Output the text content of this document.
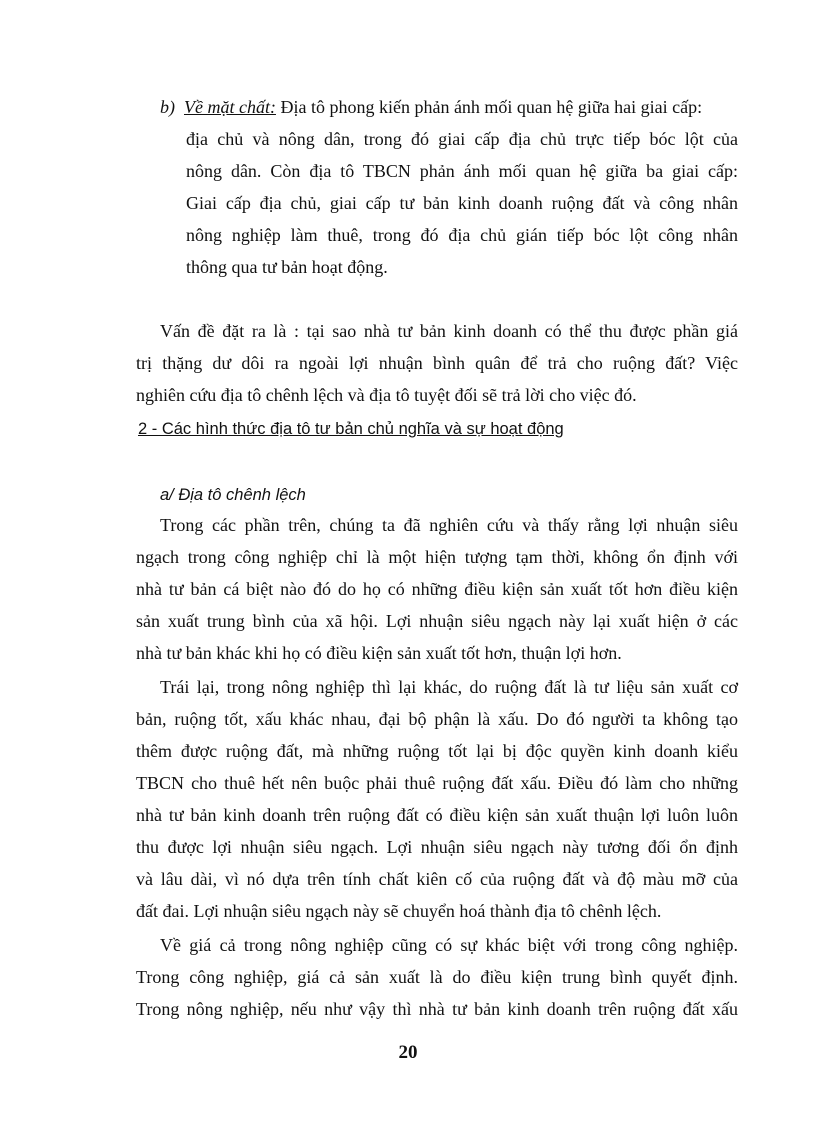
b) Về mặt chất: Địa tô phong kiến phản ánh mối quan hệ giữa hai giai cấp:
địa chủ và nông dân, trong đó giai cấp địa chủ trực tiếp bóc lột của
nông dân. Còn địa tô TBCN phản ánh mối quan hệ giữa ba giai cấp:
Giai cấp địa chủ, giai cấp tư bản kinh doanh ruộng đất và công nhân
nông nghiệp làm thuê, trong đó địa chủ gián tiếp bóc lột công nhân
thông qua tư bản hoạt động.
Vấn đề đặt ra là : tại sao nhà tư bản kinh doanh có thể thu được phần giá
trị thặng dư dôi ra ngoài lợi nhuận bình quân để trả cho ruộng đất? Việc
nghiên cứu địa tô chênh lệch và địa tô tuyệt đối sẽ trả lời cho việc đó.
2 - Các hình thức địa tô tư bản chủ nghĩa và sự hoạt động
a/ Địa tô chênh lệch
Trong các phần trên, chúng ta đã nghiên cứu và thấy rằng lợi nhuận siêu
ngạch trong công nghiệp chỉ là một hiện tượng tạm thời, không ổn định với
nhà tư bản cá biệt nào đó do họ có những điều kiện sản xuất tốt hơn điều kiện
sản xuất trung bình của xã hội. Lợi nhuận siêu ngạch này lại xuất hiện ở các
nhà tư bản khác khi họ có điều kiện sản xuất tốt hơn, thuận lợi hơn.
Trái lại, trong nông nghiệp thì lại khác, do ruộng đất là tư liệu sản xuất cơ
bản, ruộng tốt, xấu khác nhau, đại bộ phận là xấu. Do đó người ta không tạo
thêm được ruộng đất, mà những ruộng tốt lại bị độc quyền kinh doanh kiểu
TBCN cho thuê hết nên buộc phải thuê ruộng đất xấu. Điều đó làm cho những
nhà tư bản kinh doanh trên ruộng đất có điều kiện sản xuất thuận lợi luôn luôn
thu được lợi nhuận siêu ngạch. Lợi nhuận siêu ngạch này tương đối ổn định
và lâu dài, vì nó dựa trên tính chất kiên cố của ruộng đất và độ màu mỡ của
đất đai. Lợi nhuận siêu ngạch này sẽ chuyển hoá thành địa tô chênh lệch.
Về giá cả trong nông nghiệp cũng có sự khác biệt với trong công nghiệp.
Trong công nghiệp, giá cả sản xuất là do điều kiện trung bình quyết định.
Trong nông nghiệp, nếu như vậy thì nhà tư bản kinh doanh trên ruộng đất xấu
20
